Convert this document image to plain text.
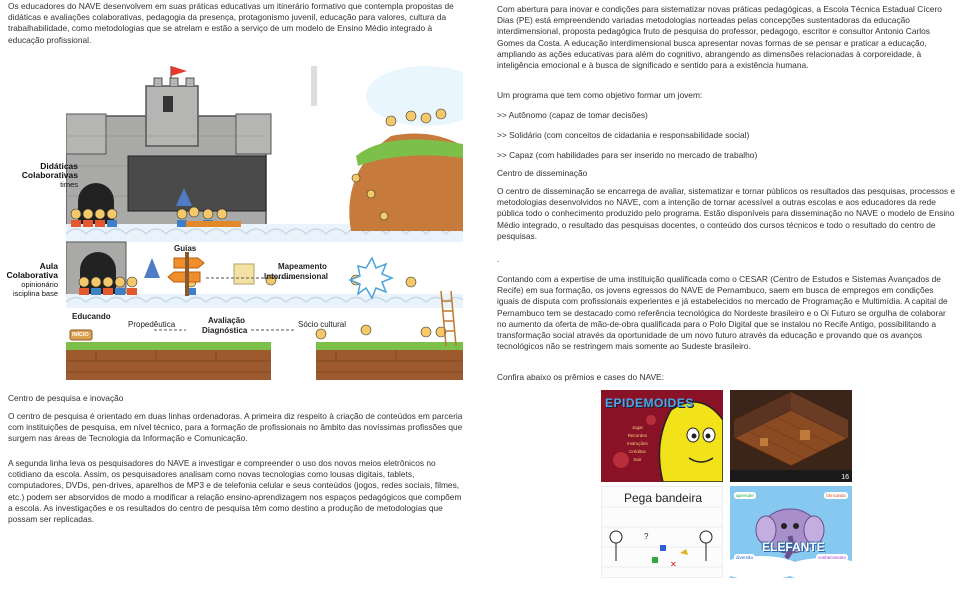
Os educadores do NAVE desenvolvem em suas práticas educativas um itinerário formativo que contempla propostas de didáticas e avaliações colaborativas, pedagogia da presença, protagonismo juvenil, educação para valores, cultura da trabalhabilidade, como metodologias que se atrelam e estão a serviço de um modelo de Ensino Médio integrado à educação profissional.

Centro de pesquisa e inovação

O centro de pesquisa é orientado em duas linhas ordenadoras. A primeira diz respeito à criação de conteúdos em parceria com instituições de pesquisa, em nível técnico, para a formação de profissionais no âmbito das novíssimas profissões que surgem nas áreas de Tecnologia da Informação e Comunicação.

A segunda linha leva os pesquisadores do NAVE a investigar e compreender o uso dos novos meios eletrônicos no cotidiano da escola. Assim, os pesquisadores analisam como novas tecnologias como lousas digitais, tablets, computadores, DVDs, pen-drives, aparelhos de MP3 e de telefonia celular e seus conteúdos (jogos, redes sociais, filmes, etc.) podem ser absorvidos de modo a modificar a relação ensino-aprendizagem nos espaços pedagógicos que compõem a escola. As investigações e os resultados do centro de pesquisa têm como destino a produção de metodologias que possam ser replicadas.

Guias
Mapeamento
Interdimensional
Educando
Propedêutica	Avaliação
Diagnóstica
Sócio cultural
INÍCIO
Didáticas
Colaborativas
times
Aula
Colaborativa
opinionário
isciplina base

Com abertura para inovar e condições para sistematizar novas práticas pedagógicas, a Escola Técnica Estadual Cícero Dias (PE) está empreendendo variadas metodologias norteadas pelas concepções sustentadoras da educação interdimensional, proposta pedagógica fruto de pesquisa do professor, pedagogo, escritor e consultor Antonio Carlos Gomes da Costa. A educação interdimensional busca apresentar novas formas de se pensar e praticar a educação, ampliando as ações educativas para além do cognitivo, abrangendo as dimensões relacionadas à corporeidade, à inteligência emocional e à busca de significado e sentido para a existência humana.

Um programa que tem como objetivo formar um jovem:

>> Autônomo (capaz de tomar decisões)

>> Solidário (com conceitos de cidadania e responsabilidade social)

>> Capaz (com habilidades para ser inserido no mercado de trabalho)

Centro de disseminação

O centro de disseminação se encarrega de avaliar, sistematizar e tornar públicos os resultados das pesquisas, processos e metodologias desenvolvidos no NAVE, com a intenção de tornar acessível a outras escolas e aos educadores da rede pública todo o conhecimento produzido pelo programa. Estão disponíveis para disseminação no NAVE o modelo de Ensino Médio integrado, o resultado das pesquisas docentes, o conteúdo dos cursos técnicos e todo o resultado do centro de pesquisas.

.

Contando com a expertise de uma instituição qualificada como o CESAR (Centro de Estudos e Sistemas Avançados de Recife) em sua formação, os jovens egressos do NAVE de Pernambuco, saem em busca de empregos em condições iguais de disputa com profissionais experientes e já estabelecidos no mercado de Programação e Multimídia. A capital de Pernambuco tem se destacado como referência tecnológica do Nordeste brasileiro e o Oi Futuro se orgulha de colaborar no aumento da oferta de mão-de-obra qualificada para o Polo Digital que se instalou no Recife Antigo, possibilitando a transformação social através da oportunidade de um novo futuro através da educação e provando que os avanços tecnológicos não se restringem mais somente ao Sudeste brasileiro.

Confira abaixo os prêmios e cases do NAVE:

EPIDEMOIDES
Jogar
Recordes
Instruções
Créditos
Sair
16
?
✕
Pega bandeira	aprender	brincando
diversão	conhecimento
ELEFANTE
